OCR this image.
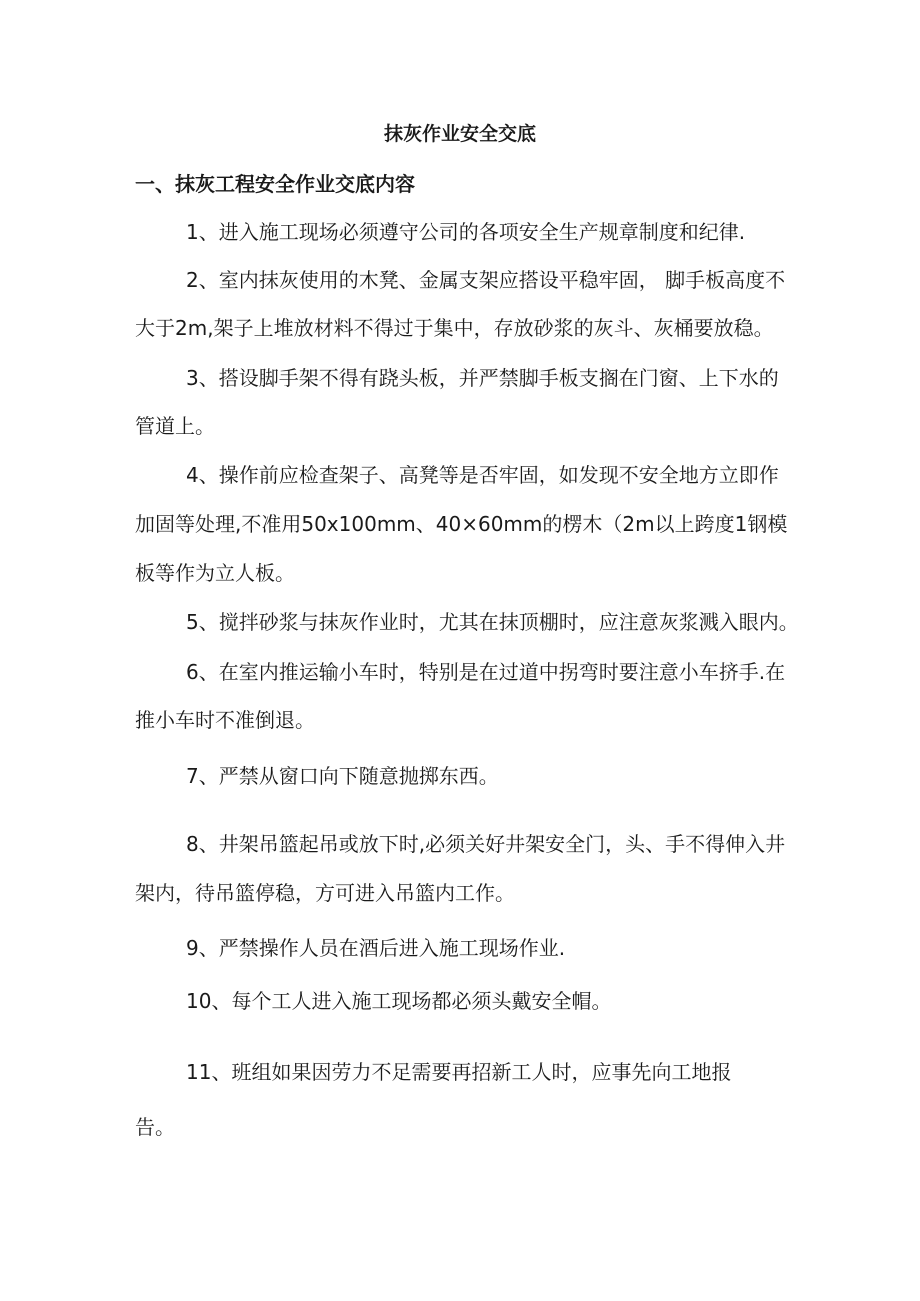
抹灰作业安全交底
一、抹灰工程安全作业交底内容
1、进入施工现场必须遵守公司的各项安全生产规章制度和纪律.
2、室内抹灰使用的木凳、金属支架应搭设平稳牢固， 脚手板高度不
大于2m,架子上堆放材料不得过于集中，存放砂浆的灰斗、灰桶要放稳。
3、搭设脚手架不得有跷头板，并严禁脚手板支搁在门窗、上下水的
管道上。
4、操作前应检查架子、高凳等是否牢固，如发现不安全地方立即作
加固等处理,不准用50x100mm、40×60mm的楞木（2m以上跨度1钢模
板等作为立人板。
5、搅拌砂浆与抹灰作业时，尤其在抹顶棚时，应注意灰浆溅入眼内。
6、在室内推运输小车时，特别是在过道中拐弯时要注意小车挤手.在
推小车时不准倒退。
7、严禁从窗口向下随意抛掷东西。
8、井架吊篮起吊或放下时,必须关好井架安全门，头、手不得伸入井
架内，待吊篮停稳，方可进入吊篮内工作。
9、严禁操作人员在酒后进入施工现场作业.
10、每个工人进入施工现场都必须头戴安全帽。
11、班组如果因劳力不足需要再招新工人时，应事先向工地报
告。
